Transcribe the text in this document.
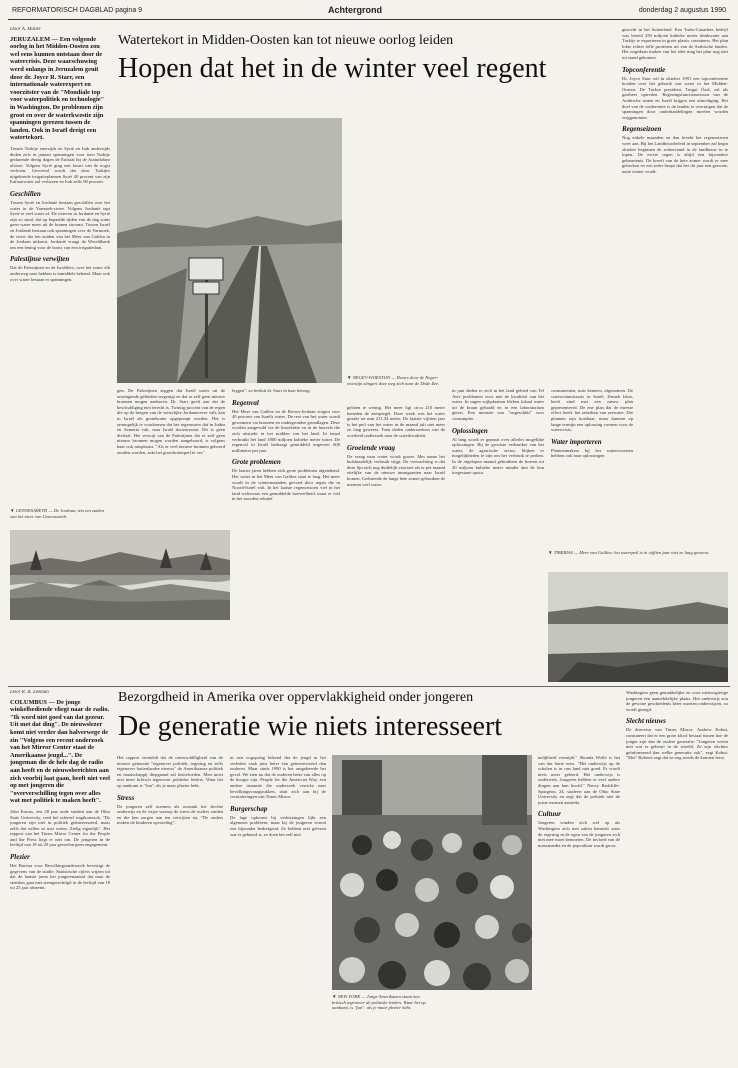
REFORMATORISCH DAGBLAD pagina 9	Achtergrond	donderdag 2 augustus 1990
Watertekort in Midden-Oosten kan tot nieuwe oorlog leiden
Hopen dat het in de winter veel regent
Door A. Muller
JERUZALEM — Een volgende oorlog in het Midden-Oosten zou wel eens kunnen ontstaan door de watercrisis. Deze waarschuwing werd onlangs in Jeruzalem geuit door dr. Joyce R. Starr, een internationale waterexpert en voorzitster van de "Mondiale top voor waterpolitiek en technologie" in Washington. De problemen zijn groot en over de waterkwestie zijn spanningen gerezen tussen de landen. Ook in Israël dreigt een watertekort.
Tussen Turkije enerzijds en Syrië en Irak anderzijds deden zich in januari spanningen voor toen Turkije gedurende dertig dagen de Eufraat bij de Ataturkdam afsloot. Volgens Syrië ging een kwart van de oogst verloren. Gevreesd wordt dat door Turkijes uitgebreide irrigatieplannen Syrië 40 procent van zijn Eufraatwater zal verliezen en Irak zelfs 90 procent.
Geschillen
Tussen Syrië en Jordanië bestaan geschillen over het water in de Yarmoek-rivier. Volgens Jordanië tapt Syrië te veel water af. De rivieren in Jordanië en Syrië zijn zo smal, dat op bepaalde tijden van de dag soms geen water meer uit de kranen stroomt. Tussen Israël en Jordanië bestaan ook spanningen over de Yarmoek, de rivier die ten zuiden van het Meer van Galilea in de Jordaan uitkomt. Jordanië vraagt de Wereldbank om een lening voor de bouw van een irrigatiedam.
Palestijnse verwijten
Dat de Palestijnen en de Israëliërs, over het water elk onderweg naar hebben is inmiddels bekend. Maar ook over water bestaan er spanningen.
▼ GENNESARETH — De Jordaan, iets ten zuiden van het meer van Gennesareth.
▼ NEGEV-WOESTIJN — Dwars door de Negev-woestijn slingert deze weg zich naar de Dode Zee.
▼ TIBERIAS — Meer van Galilea: het waterpeil is in vijftien jaar niet zo laag geweest.
gen. De Palestijnen zeggen dat Israël water uit de omringende gebieden wegzuigt en dat er zelf geen nieuwe bronnen mogen aanboren. Dr. Starr geeft aan dat de beschuldiging niet terecht is. Twintig procent van de regen die op de bergen van de westelijke Jordaanoever valt, kan in Israël als grondwater opgepompt worden. Het is onmogelijk te voorkomen dat het regenwater dat in Judea en Samaria valt, naar Israël doorstroomt. Dit is geen diefstal. Het verwijt van de Palestijnen dat er zelf geen nieuwe bronnen mogen worden aangeboord, is volgens haar ook misplaatst. "Als er veel nieuwe bronnen geboord zouden worden, zakt het grondwaterpeil te ver."
leggen", zo besluit dr. Starr in haar betoog.
Regenval
Het Meer van Galilea en de Boven-Jordaan zorgen voor 40 procent van Israëls water. De rest van het water wordt gewonnen via bronnen en ondergrondse grondlagen. Deze worden aangevuld via de kustvlakte en in de heuvels die zich uitstrekt in het midden van het land. In totaal verbruikt het land 1800 miljoen kubieke meter water. De regenval in Israël bedraagt gemiddeld ongeveer 600 millimeter per jaar.
Grote problemen
De laatste jaren hebben zich grote problemen afgetekend. Het water in het Meer van Galilea staat te laag. Het meer wordt in de wintermaanden gevoed door regen die in Noord-Israël valt. In het laatste regenseizoen viel in het land weliswaar een gemiddelde hoeveelheid, maar er viel in het noorden relatief
gelaten te weinig. Het meer ligt circa 210 meter beneden de zeespiegel. Deze week was het water gezakt tot min 211,34 meter. De laatste vijftien jaar is het peil van het water in de maand juli niet meer zo laag geweest. Toen deden onderzoekers van de overheid onderzoek naar de waterkwaliteit.
Groeiende vraag
De vraag naar water wordt groter. Met name het huishoudelijk verbruik stijgt. De verwachting is dat deze lijn zich nog duidelijk voortzet als er per maand ettelijke van de nieuwe immigranten naar Israël komen. Gedurende de lange hete zomer gebruiken de mensen veel water.
in juni deden er zich in het land gebied van Tel Aviv problemen voor met de kwaliteit van het water. In sagen wijkplaatsen bleken lokaal water uit de kraan gehaald en in een laboratorium getest. Een monster was "ongeschikt" voor consumptie.
Oplossingen
Al lang wordt er gepraat over allerlei mogelijke oplossingen. Bij de grootste verbruiker van het water, de agrarische sector, blijken er mogelijkheden te zijn om het verbruik te perken. In de afgelopen maand gebruikten de boeren tot 20 miljoen kubieke meter minder dan de hun toegestane quota.
consumenten, mits kenners, afgenomen. De watercommissaris in Israël, Zemah Ishai, heeft eind mei een nieuw plan gepresenteerd. De ene plan dat de meeste effect heeft: het ontzilten van zeewater. Die plannen zijn kostbaar, maar kunnen op lange termijn een oplossing vormen voor de watercrisis.
Water importeren
Plannenmakers bij het watervoorzien hebben ook naar oplossingen
gezocht in het buitenland. Een Turks-Canadees bedrijf was bereid 250 miljoen kubieke meter drinkwater aan Turkije te exporteren in grote plastic containers. Het plan lokte echter felle protesten uit van de Arabische landen. Het ongedaan maken van het idee mag het plan nog niet tot stand gekomen.
Topconferentie
Dr. Joyce Starr wil in oktober 1991 een topconferentie houden over het gebruik van water in het Midden-Oosten. De Turkse president, Turgut Özal, zal als gastheer optreden. Regeringsfunctionarissen van de Arabische staten en Israël krijgen een uitnodiging. Het doel van de conferentie is de landen te overtuigen dat de spanningen door onderhandelingen moeten worden weggenomen.
Regenseizoen
Nog enkele maanden en dan breekt het regenseizoen weer aan. Bij het Landbouwbeleid in september zal begin oktober beginnen de achterstand in de landbouw in te lopen. De eerste regen is altijd een bijzondere gebeurtenis. De kreeft van de hete zomer wordt er mee gebroken en een ieder hoopt dat het dit jaar een gewone, natte winter wordt.
Bezorgdheid in Amerika over oppervlakkigheid onder jongeren
De generatie wie niets interesseert
Door R. R. Zeeman
COLUMBUS — De jonge winkelbediende vliegt naar de radio. "Ik word niet goed van dat gezeur. Uit met dat ding". De nieuwslezer komt niet verder dan halverwege de zin "Volgens een recent onderzoek van het Mirror Center staat de Amerikaanse jeugd...". De jongeman die de hele dag de radio aan heeft en de nieuwsberichten aan zich voorbij laat gaan, heeft niet veel op met jongeren die "oververschilling tegen over alles wat met politiek te maken heeft".
John Karras, een 28 jaar oude student aan de Ohio State University, reed het tafereel tragikomisch. "De jongeren zijn niet in politiek geïnteresseerd, maar zelfs dat willen ze niet weten. Zielig eigenlijk". Het rapport van het Times Mirror Center for the People and the Press liegt er niet om. De jongeren in de leeftijd van 18 tot 29 jaar gevoelen geen engagement.
Plezier
Het Bureau voor Bevolkingsonderzoek bevestigt de gegevens van de studie. Statistische cijfers wijzen uit dat de laatste jaren het jongerenaantal dat naar de stembus gaat met stemgerechtigd in de leeftijd van 18 tot 25 jaar afneemt.
Het rapport vermeldt dat de onverschilligheid van de nieuwe generatie "tegenover politiek, regering en zelfs tegenover buitenlandse nieuws" de Amerikaanse politiek en maatschappij diepgaand zal beïnvloeden. Men moet niet meer kritisch tegenover politieke leiders. Waar het op aankomt is "fun", als je maar plezier hebt.
Stress
De jongeren zelf noemen als oorzaak het slechte onderwijs en de wijze waarop de stress de ouders vinden en die hen zorgen aan ten verwijten tot, "De ouders maken de kinderen opvoeding".
in een oogopslag bekend dat de jeugd in het verleden vaak juist beter een geïnteresseerd dan ouderen. Maar sinds 1990 is het omgekeerde het geval. We zien nu dat de ouderen beter van alles op de hoogte zijn. People for the American Way, een andere instantie die onderzoek verricht naar bevolkingsvraagstukken, sluit zich aan bij de constateringen van Times Mirror.
Burgerschap
De lage opkomst bij verkiezingen lijkt een algemeen probleem, maar bij de jongeren vooral een bijzonder bedreigend. Ze hebben niet gelezen wat er gebeurd is, ze doen het zelf niet.
▼ NEW YORK — Jonge Amerikanen staan met kritisch tegenover de politieke leiders. Waar het op aankomt, is "fun": als je maar plezier hebt.
nelijkheid vermijdt." Shonda Wolfe is het van dat harte eens. "Het onderwijs op de scholen is in ons land niet goed. Er wordt niets meer geleerd. Het onderwijs is ouderwets. Jongeren hebben te veel andere dingen aan hun hoofd." Nancy Radcliffe-Spurgeon, 24, studeert aan de Ohio State University en zegt dat de politiek niet de juiste mensen aantrekt.
Cultuur
Jongeren winden zich wel op als Washington zich met zaken bemoeit waar de regering in de ogen van de jongeren zich niet mee moet bemoeien. De invloed van de massamedia en de popcultuur wordt groot.
Washington geen gemakkelijke en voor nieuwsgierige jongeren een aantrekkelijke plaats. Het onderwijs zou de gewone geschiedenis beter moeten onderwijzen, zo wordt gezegd.
Slecht nieuws
De directeur van Times Mirror, Andrew Kohut, constateert dat er een grote kloof bestaat tussen hoe de jonger zijn dan de oudere generatie. "Jongeren weten niet wat er gebeurt in de wereld. Ze zijn slechter geïnformeerd dan welke generatie ook", zegt Kohut. "Mrs" Roberts zegt dat ze nog steeds de kranten leest.
